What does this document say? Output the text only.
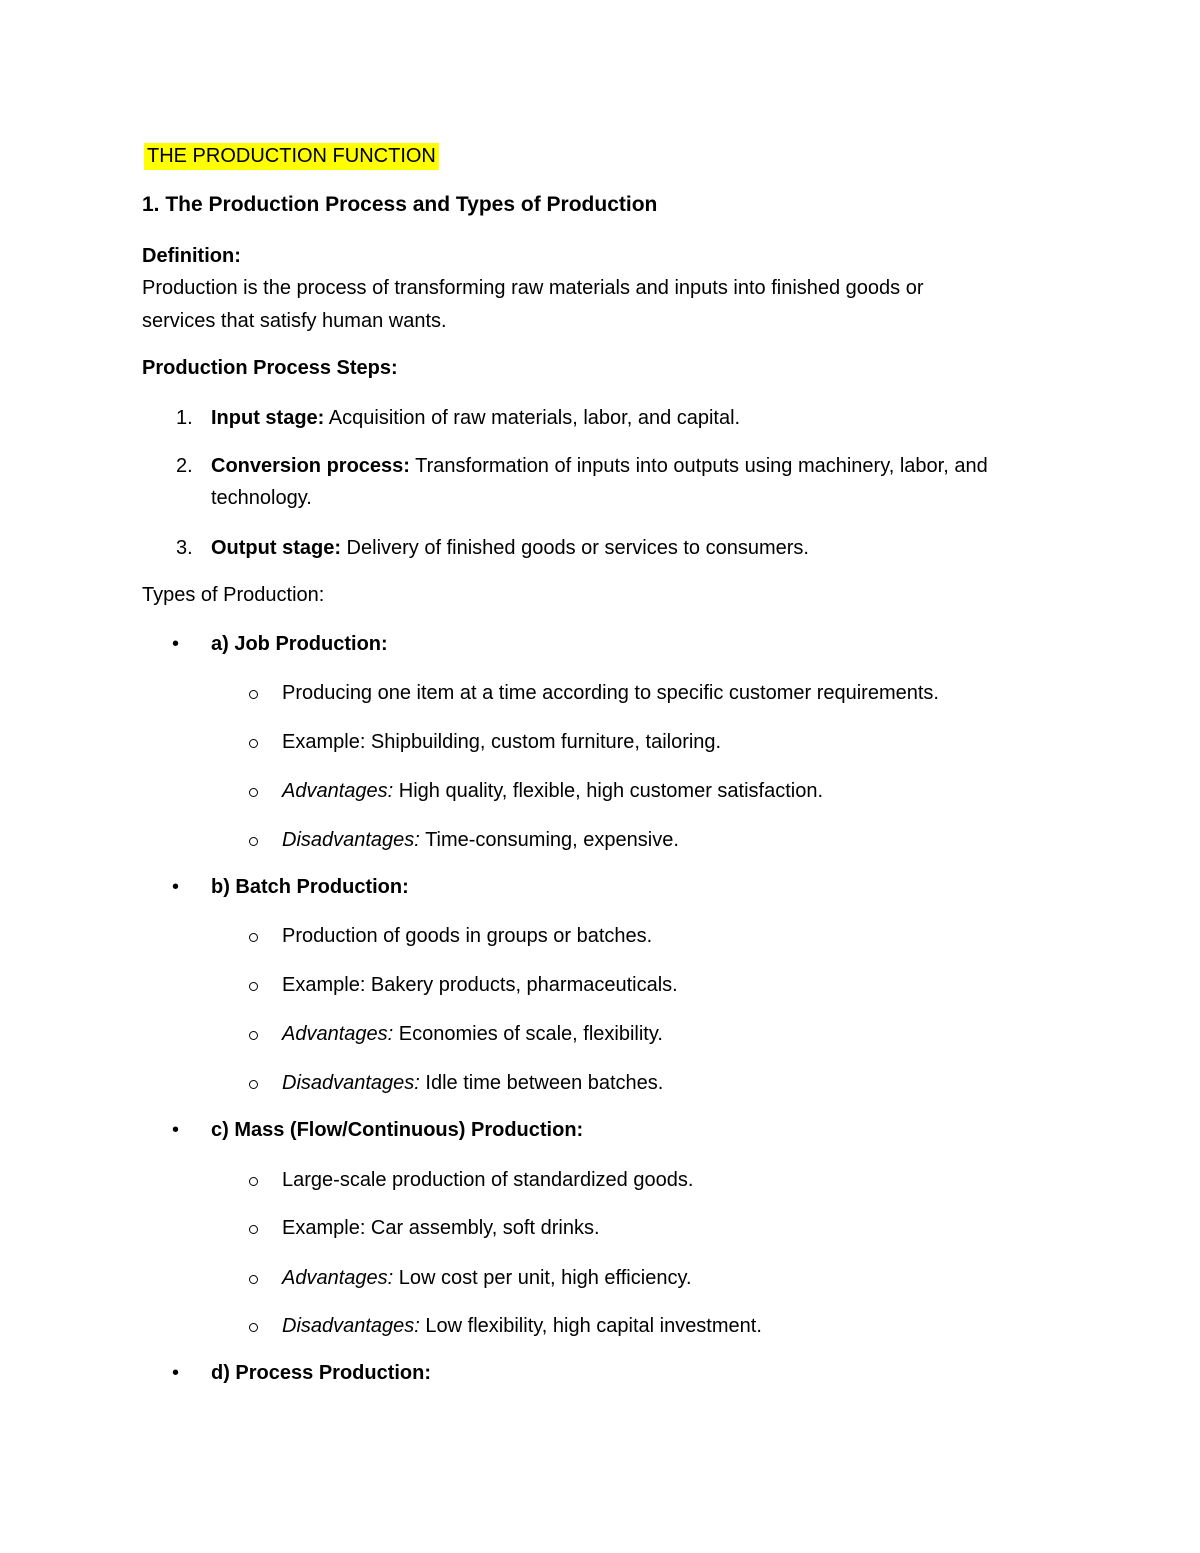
THE PRODUCTION FUNCTION
1. The Production Process and Types of Production
Definition:
Production is the process of transforming raw materials and inputs into finished goods or
services that satisfy human wants.
Production Process Steps:
1. Input stage: Acquisition of raw materials, labor, and capital.
2. Conversion process: Transformation of inputs into outputs using machinery, labor, and
technology.
3. Output stage: Delivery of finished goods or services to consumers.
Types of Production:
• a) Job Production:
Producing one item at a time according to specific customer requirements.
Example: Shipbuilding, custom furniture, tailoring.
Advantages: High quality, flexible, high customer satisfaction.
Disadvantages: Time-consuming, expensive.
• b) Batch Production:
Production of goods in groups or batches.
Example: Bakery products, pharmaceuticals.
Advantages: Economies of scale, flexibility.
Disadvantages: Idle time between batches.
• c) Mass (Flow/Continuous) Production:
Large-scale production of standardized goods.
Example: Car assembly, soft drinks.
Advantages: Low cost per unit, high efficiency.
Disadvantages: Low flexibility, high capital investment.
• d) Process Production:
